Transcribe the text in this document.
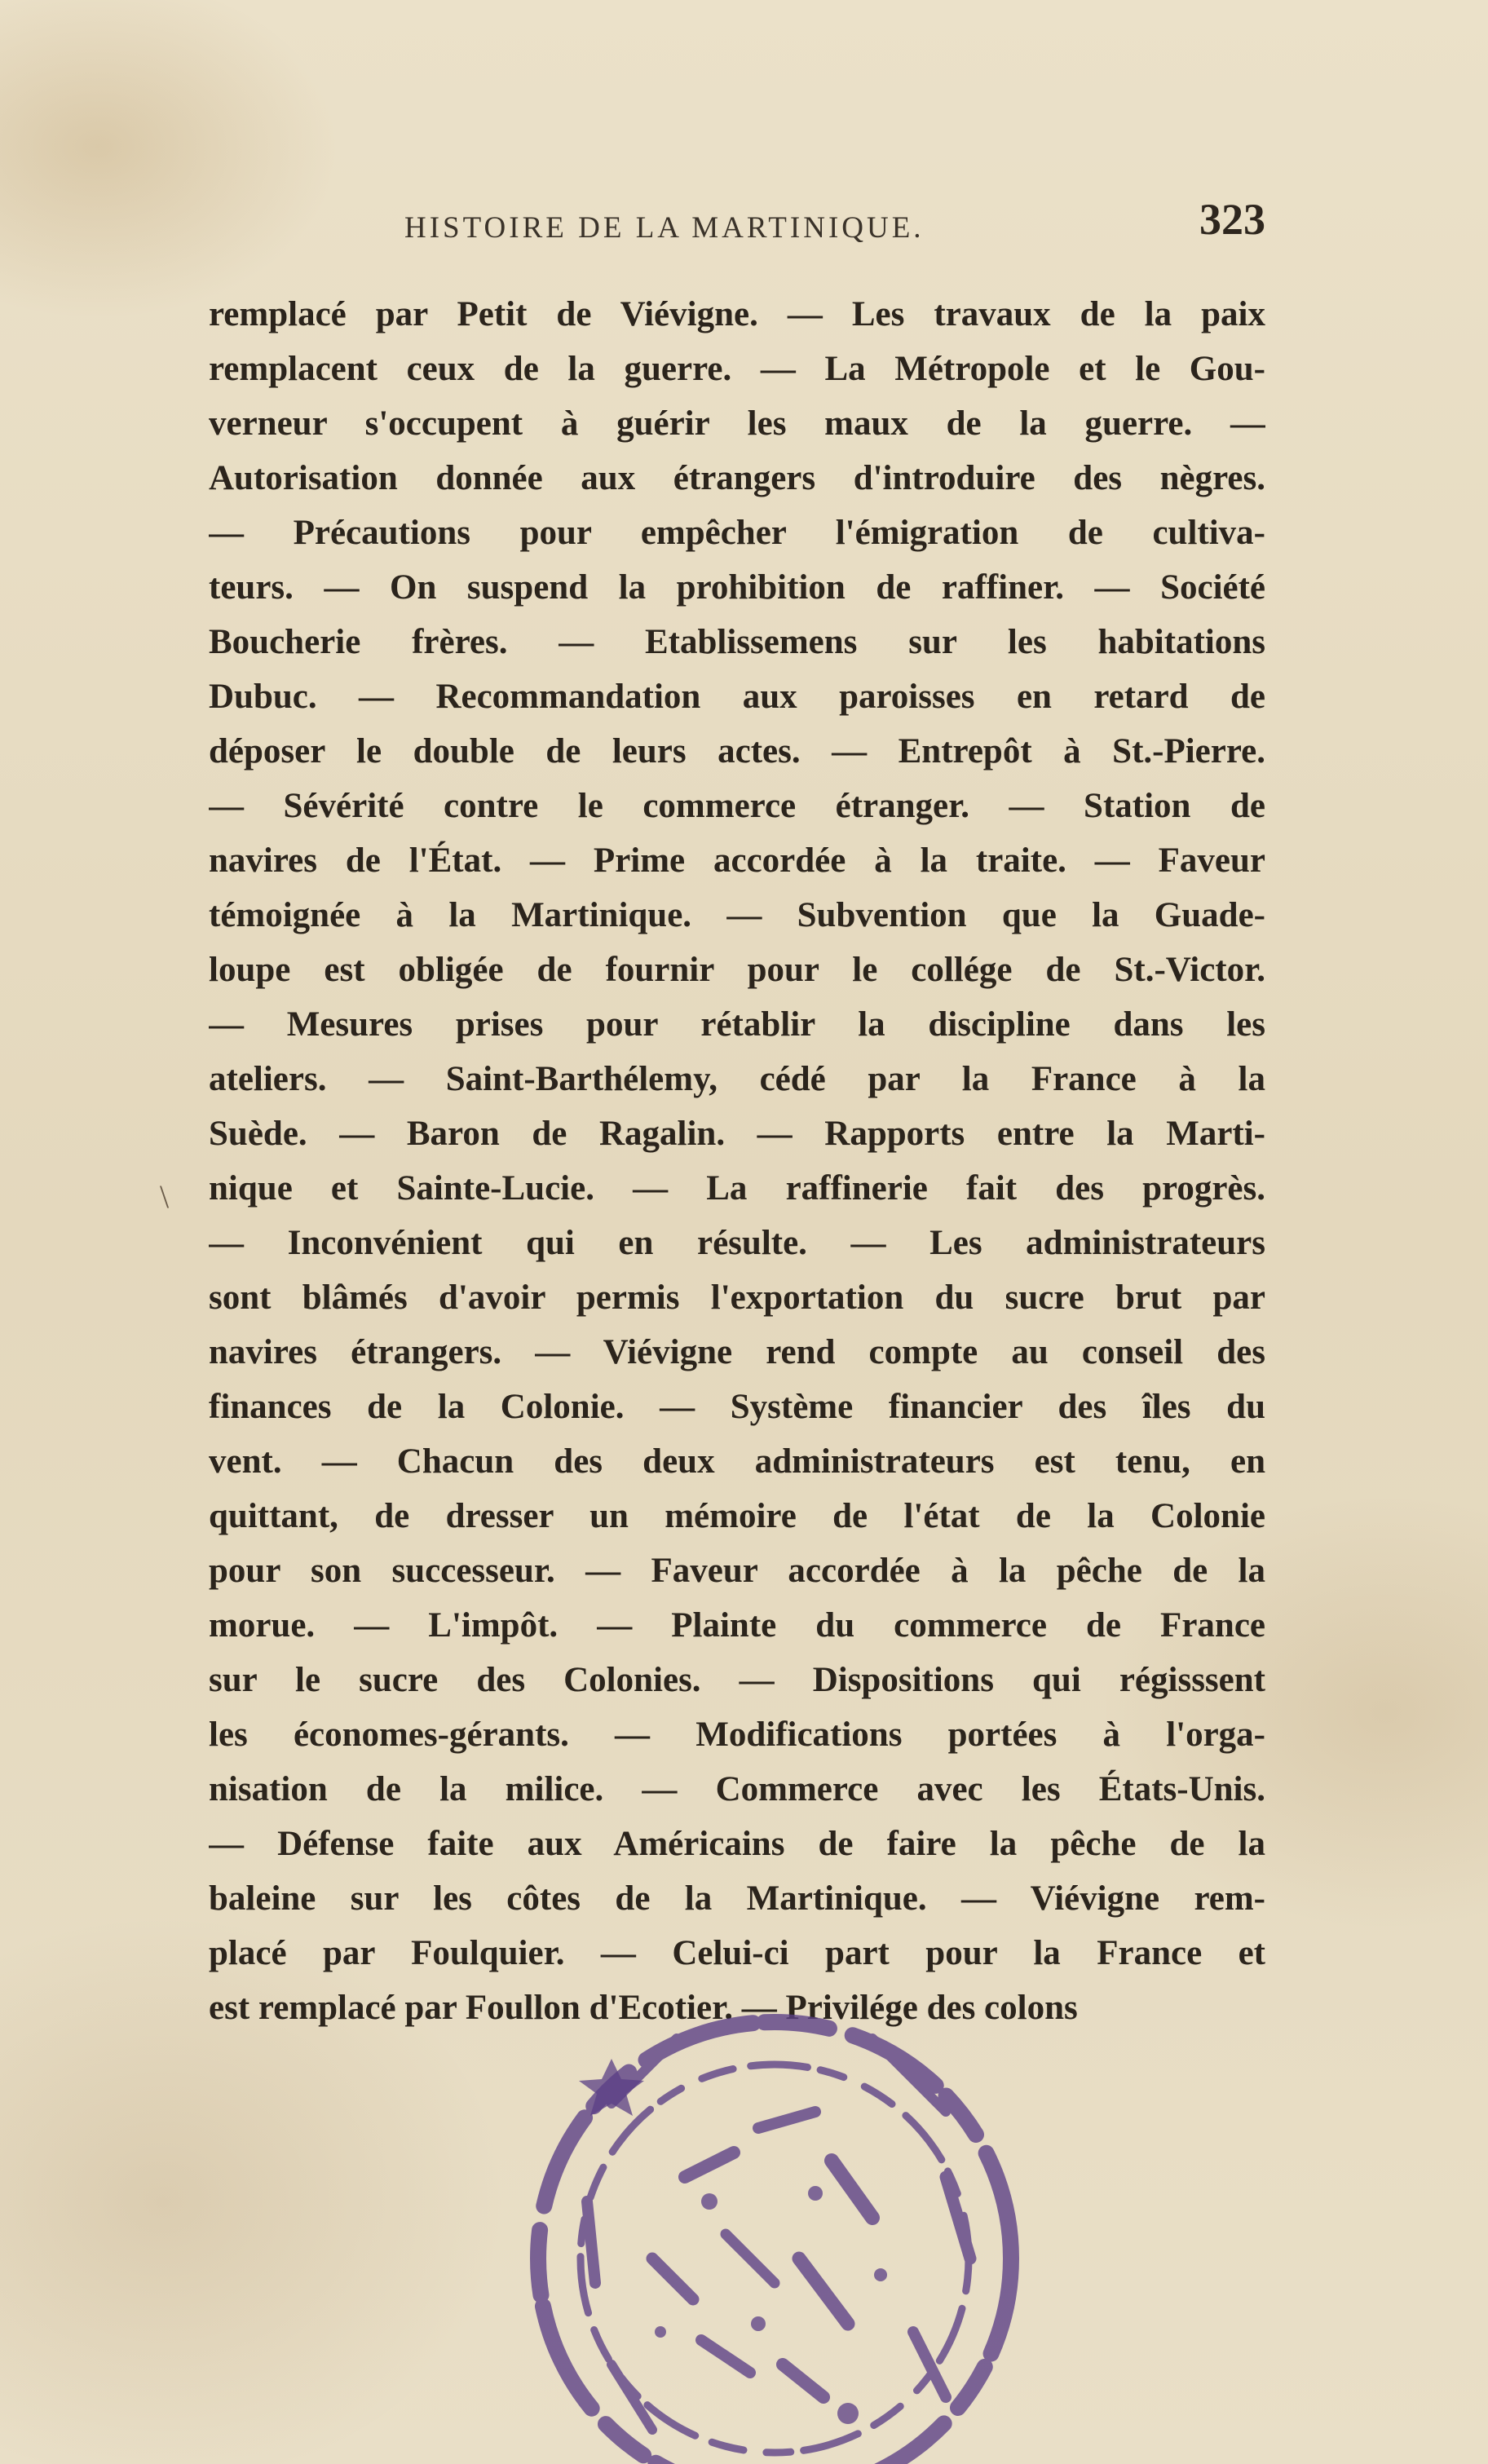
HISTOIRE DE LA MARTINIQUE.	323
remplacé par Petit de Viévigne. — Les travaux de la paix
remplacent ceux de la guerre. — La Métropole et le Gou-
verneur s'occupent à guérir les maux de la guerre. —
Autorisation donnée aux étrangers d'introduire des nègres.
— Précautions pour empêcher l'émigration de cultiva-
teurs. — On suspend la prohibition de raffiner. — Société
Boucherie frères. — Etablissemens sur les habitations
Dubuc. — Recommandation aux paroisses en retard de
déposer le double de leurs actes. — Entrepôt à St.-Pierre.
— Sévérité contre le commerce étranger. — Station de
navires de l'État. — Prime accordée à la traite. — Faveur
témoignée à la Martinique. — Subvention que la Guade-
loupe est obligée de fournir pour le collége de St.-Victor.
— Mesures prises pour rétablir la discipline dans les
ateliers. — Saint-Barthélemy, cédé par la France à la
Suède. — Baron de Ragalin. — Rapports entre la Marti-
nique et Sainte-Lucie. — La raffinerie fait des progrès.
— Inconvénient qui en résulte. — Les administrateurs
sont blâmés d'avoir permis l'exportation du sucre brut par
navires étrangers. — Viévigne rend compte au conseil des
finances de la Colonie. — Système financier des îles du
vent. — Chacun des deux administrateurs est tenu, en
quittant, de dresser un mémoire de l'état de la Colonie
pour son successeur. — Faveur accordée à la pêche de la
morue. — L'impôt. — Plainte du commerce de France
sur le sucre des Colonies. — Dispositions qui régisssent
les économes-gérants. — Modifications portées à l'orga-
nisation de la milice. — Commerce avec les États-Unis.
— Défense faite aux Américains de faire la pêche de la
baleine sur les côtes de la Martinique. — Viévigne rem-
placé par Foulquier. — Celui-ci part pour la France et
est remplacé par Foullon d'Ecotier. — Privilége des colons
\
